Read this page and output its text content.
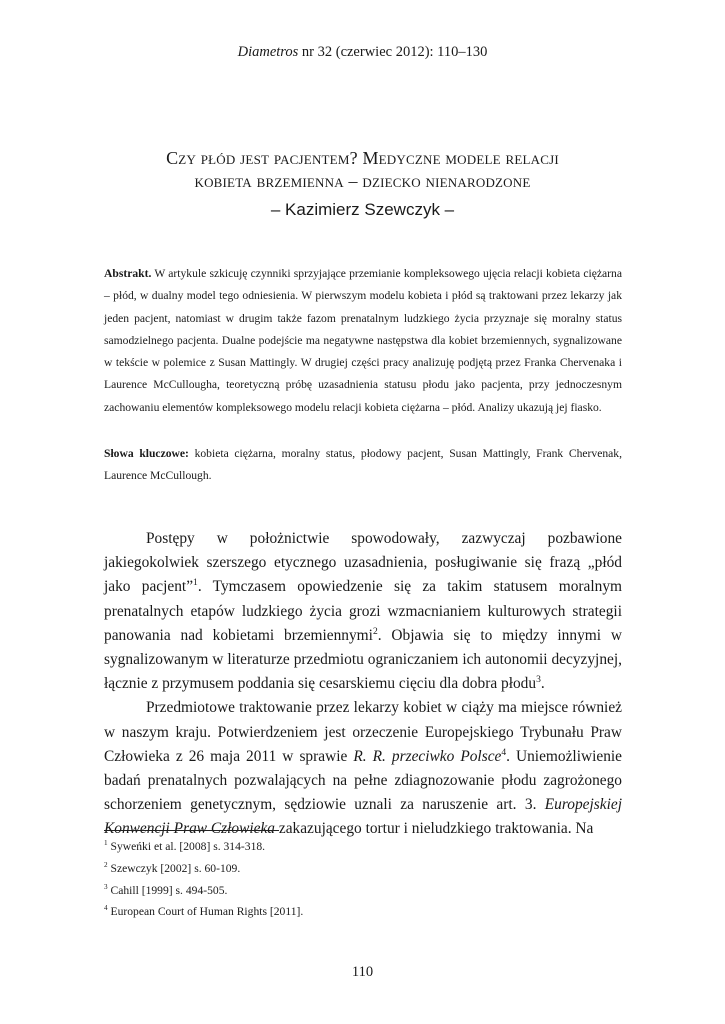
Diametros nr 32 (czerwiec 2012): 110–130
Czy płód jest pacjentem? Medyczne modele relacji
kobieta brzemienna – dziecko nienarodzone
– Kazimierz Szewczyk –
Abstrakt. W artykule szkicuję czynniki sprzyjające przemianie kompleksowego ujęcia relacji kobieta ciężarna – płód, w dualny model tego odniesienia. W pierwszym modelu kobieta i płód są traktowani przez lekarzy jak jeden pacjent, natomiast w drugim także fazom prenatalnym ludzkiego życia przyznaje się moralny status samodzielnego pacjenta. Dualne podejście ma negatywne następstwa dla kobiet brzemiennych, sygnalizowane w tekście w polemice z Susan Mattingly. W drugiej części pracy analizuję podjętą przez Franka Chervenaka i Laurence McCullougha, teoretyczną próbę uzasadnienia statusu płodu jako pacjenta, przy jednoczesnym zachowaniu elementów kompleksowego modelu relacji kobieta ciężarna – płód. Analizy ukazują jej fiasko.
Słowa kluczowe: kobieta ciężarna, moralny status, płodowy pacjent, Susan Mattingly, Frank Chervenak, Laurence McCullough.

Postępy w położnictwie spowodowały, zazwyczaj pozbawione jakiegokolwiek szerszego etycznego uzasadnienia, posługiwanie się frazą „płód jako pacjent”$^1$. Tymczasem opowiedzenie się za takim statusem moralnym prenatalnych etapów ludzkiego życia grozi wzmacnianiem kulturowych strategii panowania nad kobietami brzemiennymi$^2$. Objawia się to między innymi w sygnalizowanym w literaturze przedmiotu ograniczaniem ich autonomii decyzyjnej, łącznie z przymusem poddania się cesarskiemu cięciu dla dobra płodu$^3$.

Przedmiotowe traktowanie przez lekarzy kobiet w ciąży ma miejsce również w naszym kraju. Potwierdzeniem jest orzeczenie Europejskiego Trybunału Praw Człowieka z 26 maja 2011 w sprawie R. R. przeciwko Polsce$^4$. Uniemożliwienie badań prenatalnych pozwalających na pełne zdiagnozowanie płodu zagrożonego schorzeniem genetycznym, sędziowie uznali za naruszenie art. 3. Europejskiej Konwencji Praw Człowieka zakazującego tortur i nieludzkiego traktowania. Na

$^1$ Syweńki et al. [2008] s. 314-318.
$^2$ Szewczyk [2002] s. 60-109.
$^3$ Cahill [1999] s. 494-505.
$^4$ European Court of Human Rights [2011].
110
